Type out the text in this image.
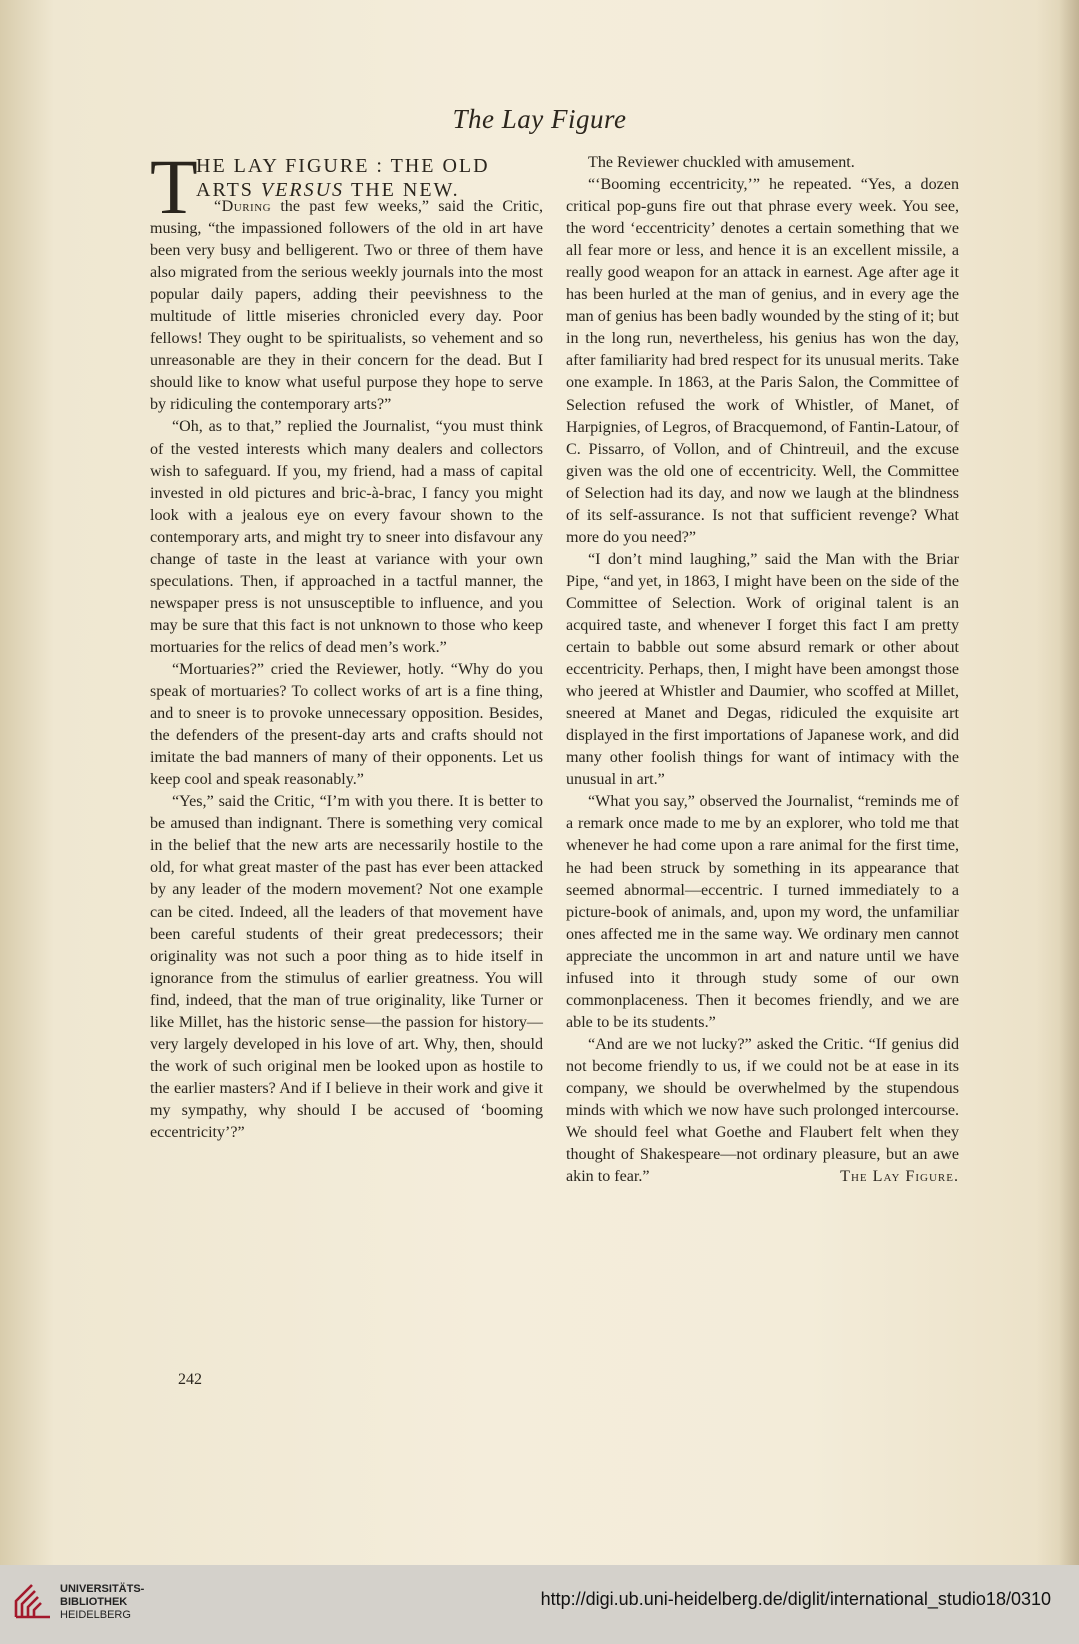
The Lay Figure
T
HE LAY FIGURE : THE OLD
ARTS VERSUS THE NEW.

“During the past few weeks,” said the Critic, musing, “the impassioned followers of the old in art have been very busy and belligerent. Two or three of them have also migrated from the serious weekly journals into the most popular daily papers, adding their peevishness to the multitude of little miseries chronicled every day. Poor fellows! They ought to be spiritualists, so vehement and so unreasonable are they in their concern for the dead. But I should like to know what useful purpose they hope to serve by ridiculing the contemporary arts?”

“Oh, as to that,” replied the Journalist, “you must think of the vested interests which many dealers and collectors wish to safeguard. If you, my friend, had a mass of capital invested in old pictures and bric-à-brac, I fancy you might look with a jealous eye on every favour shown to the contemporary arts, and might try to sneer into disfavour any change of taste in the least at variance with your own speculations. Then, if approached in a tactful manner, the newspaper press is not unsusceptible to influence, and you may be sure that this fact is not unknown to those who keep mortuaries for the relics of dead men’s work.”

“Mortuaries?” cried the Reviewer, hotly. “Why do you speak of mortuaries? To collect works of art is a fine thing, and to sneer is to provoke unnecessary opposition. Besides, the defenders of the present-day arts and crafts should not imitate the bad manners of many of their opponents. Let us keep cool and speak reasonably.”

“Yes,” said the Critic, “I’m with you there. It is better to be amused than indignant. There is something very comical in the belief that the new arts are necessarily hostile to the old, for what great master of the past has ever been attacked by any leader of the modern movement? Not one example can be cited. Indeed, all the leaders of that movement have been careful students of their great predecessors; their originality was not such a poor thing as to hide itself in ignorance from the stimulus of earlier greatness. You will find, indeed, that the man of true originality, like Turner or like Millet, has the historic sense—the passion for history—very largely developed in his love of art. Why, then, should the work of such original men be looked upon as hostile to the earlier masters? And if I believe in their work and give it my sympathy, why should I be accused of ‘booming eccentricity’?”

The Reviewer chuckled with amusement.

“‘Booming eccentricity,’” he repeated. “Yes, a dozen critical pop-guns fire out that phrase every week. You see, the word ‘eccentricity’ denotes a certain something that we all fear more or less, and hence it is an excellent missile, a really good weapon for an attack in earnest. Age after age it has been hurled at the man of genius, and in every age the man of genius has been badly wounded by the sting of it; but in the long run, nevertheless, his genius has won the day, after familiarity had bred respect for its unusual merits. Take one example. In 1863, at the Paris Salon, the Committee of Selection refused the work of Whistler, of Manet, of Harpignies, of Legros, of Bracquemond, of Fantin-Latour, of C. Pissarro, of Vollon, and of Chintreuil, and the excuse given was the old one of eccentricity. Well, the Committee of Selection had its day, and now we laugh at the blindness of its self-assurance. Is not that sufficient revenge? What more do you need?”

“I don’t mind laughing,” said the Man with the Briar Pipe, “and yet, in 1863, I might have been on the side of the Committee of Selection. Work of original talent is an acquired taste, and whenever I forget this fact I am pretty certain to babble out some absurd remark or other about eccentricity. Perhaps, then, I might have been amongst those who jeered at Whistler and Daumier, who scoffed at Millet, sneered at Manet and Degas, ridiculed the exquisite art displayed in the first importations of Japanese work, and did many other foolish things for want of intimacy with the unusual in art.”

“What you say,” observed the Journalist, “reminds me of a remark once made to me by an explorer, who told me that whenever he had come upon a rare animal for the first time, he had been struck by something in its appearance that seemed abnormal—eccentric. I turned immediately to a picture-book of animals, and, upon my word, the unfamiliar ones affected me in the same way. We ordinary men cannot appreciate the uncommon in art and nature until we have infused into it through study some of our own commonplaceness. Then it becomes friendly, and we are able to be its students.”

“And are we not lucky?” asked the Critic. “If genius did not become friendly to us, if we could not be at ease in its company, we should be overwhelmed by the stupendous minds with which we now have such prolonged intercourse. We should feel what Goethe and Flaubert felt when they thought of Shakespeare—not ordinary pleasure, but an awe akin to fear.”	The Lay Figure.

242
UNIVERSITÄTS-
BIBLIOTHEK
HEIDELBERG
http://digi.ub.uni-heidelberg.de/diglit/international_studio18/0310
